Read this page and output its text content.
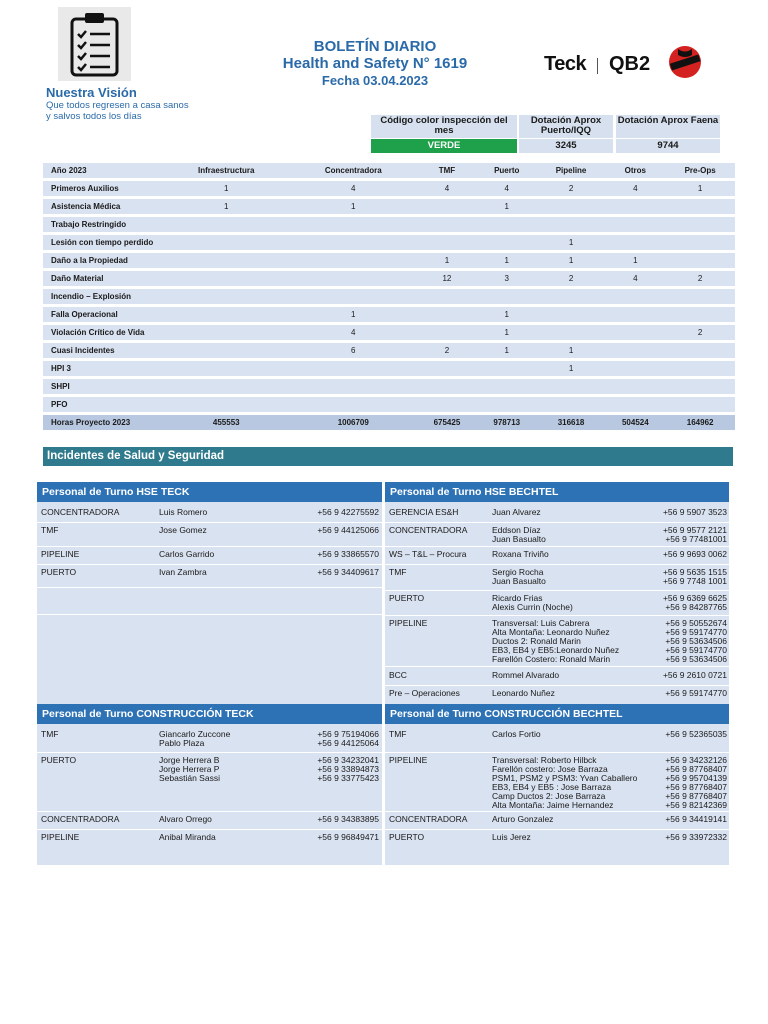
Nuestra Visión
Que todos regresen a casa sanos
y salvos todos los días
BOLETÍN DIARIO
Health and Safety N° 1619
Fecha 03.04.2023
Teck QB2
Código color inspección del mes
VERDE
Dotación Aprox Puerto/IQQ
3245
Dotación Aprox Faena
9744
Año 2023	Infraestructura	Concentradora	TMF	Puerto	Pipeline	Otros	Pre-Ops
Primeros Auxilios	1	4	4	4	2	4	1
Asistencia Médica	1	1		1			
Trabajo Restringido							
Lesión con tiempo perdido					1		
Daño a la Propiedad			1	1	1	1	
Daño Material			12	3	2	4	2
Incendio – Explosión							
Falla Operacional		1		1			
Violación Crítico de Vida		4		1			2
Cuasi Incidentes		6	2	1	1		
HPI 3					1		
SHPI							
PFO							
Horas Proyecto 2023	455553	1006709	675425	978713	316618	504524	164962
Incidentes de Salud y Seguridad
Personal de Turno HSE TECK	Personal de Turno HSE BECHTEL
Personal de Turno CONSTRUCCIÓN TECK	Personal de Turno CONSTRUCCIÓN BECHTEL
CONCENTRADORA	Luis Romero	+56 9 42275592
TMF	Jose Gomez	+56 9 44125066
PIPELINE	Carlos Garrido	+56 9 33865570
PUERTO	Ivan Zambra	+56 9 34409617
GERENCIA ES&H	Juan Alvarez	+56 9 5907 3523
CONCENTRADORA	Eddson Díaz
Juan Basualto
+56 9 9577 2121
+56 9 77481001
WS – T&L – Procura	Roxana Triviño	+56 9 9693 0062
TMF	Sergio Rocha
Juan Basualto
+56 9 5635 1515
+56 9 7748 1001
PUERTO	Ricardo Frias
Alexis Currin (Noche)
+56 9 6369 6625
+56 9 84287765
PIPELINE	Transversal: Luis Cabrera
Alta Montaña: Leonardo Nuñez
Ductos 2: Ronald Marin
EB3, EB4 y EB5:Leonardo Nuñez
Farellón Costero: Ronald Marin
+56 9 50552674
+56 9 59174770
+56 9 53634506
+56 9 59174770
+56 9 53634506
BCC	Rommel Alvarado	+56 9 2610 0721
Pre – Operaciones	Leonardo Nuñez	+56 9 59174770
TMF	Giancarlo Zuccone
Pablo Plaza
+56 9 75194066
+56 9 44125064
PUERTO	Jorge Herrera B
Jorge Herrera P
Sebastián Sassi
+56 9 34232041
+56 9 33894873
+56 9 33775423
CONCENTRADORA	Alvaro Orrego	+56 9 34383895
PIPELINE	Anibal Miranda	+56 9 96849471
TMF	Carlos Fortio	+56 9 52365035
PIPELINE	Transversal: Roberto Hilbck
Farellón costero: Jose Barraza
PSM1, PSM2 y PSM3: Yvan Caballero
EB3, EB4 y EB5 : Jose Barraza
Camp Ductos 2: Jose Barraza
Alta Montaña: Jaime Hernandez
+56 9 34232126
+56 9 87768407
+56 9 95704139
+56 9 87768407
+56 9 87768407
+56 9 82142369
CONCENTRADORA	Arturo Gonzalez	+56 9 34419141
PUERTO	Luis Jerez	+56 9 33972332
